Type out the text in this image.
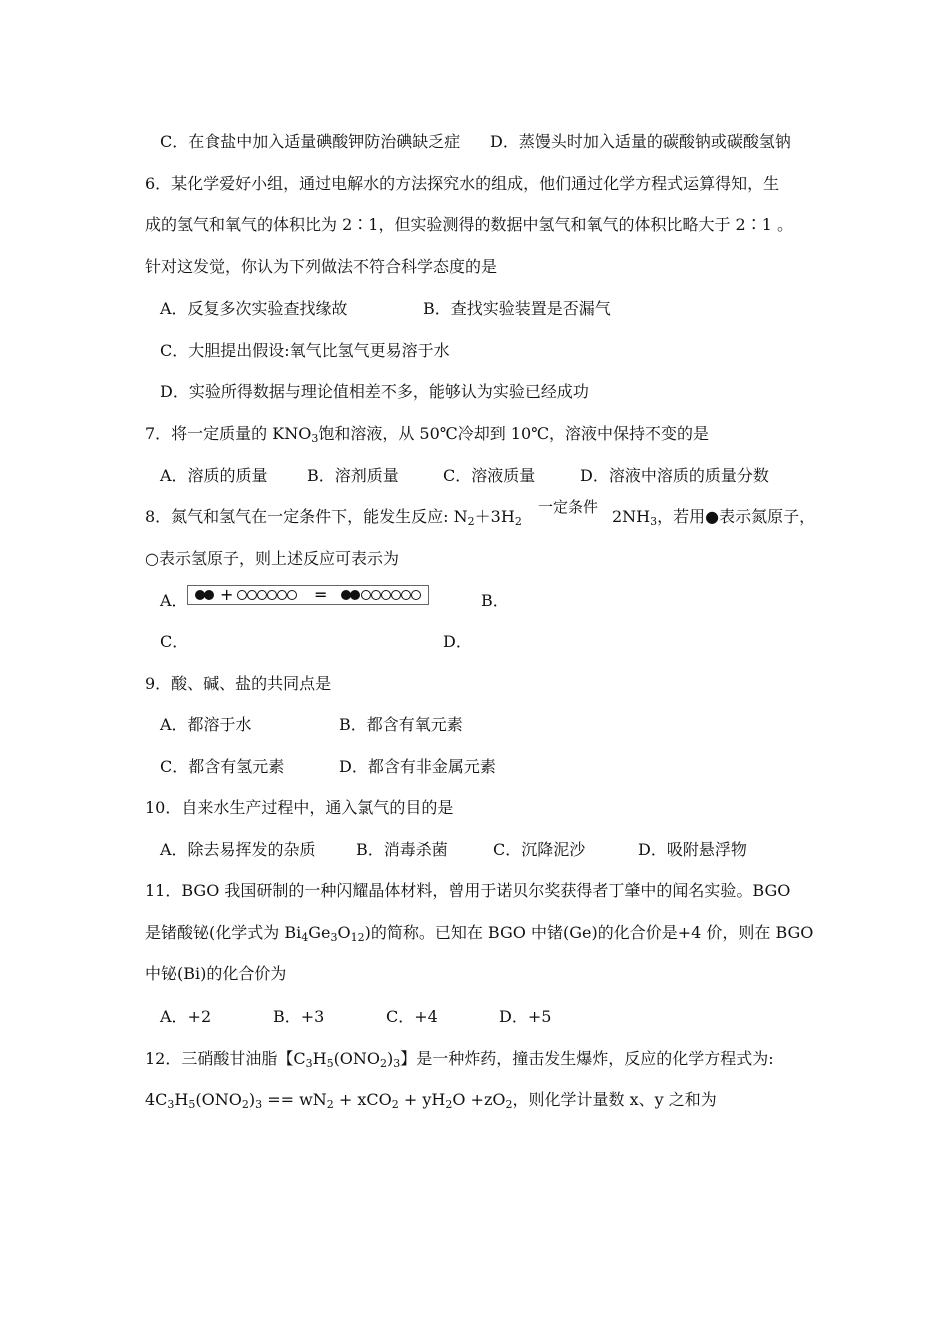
C．在食盐中加入适量碘酸钾防治碘缺乏症 D．蒸馒头时加入适量的碳酸钠或碳酸氢钠
6．某化学爱好小组，通过电解水的方法探究水的组成，他们通过化学方程式运算得知，生
成的氢气和氧气的体积比为 2∶1，但实验测得的数据中氢气和氧气的体积比略大于 2∶1 。
针对这发觉，你认为下列做法不符合科学态度的是
A．反复多次实验查找缘故	B．查找实验装置是否漏气
C．大胆提出假设:氧气比氢气更易溶于水
D．实验所得数据与理论值相差不多，能够认为实验已经成功
7．将一定质量的 $KNO_3$饱和溶液，从 50℃冷却到 10℃，溶液中保持不变的是
A．溶质的质量 B．溶剂质量	C．溶液质量	D．溶液中溶质的质量分数
8．氮气和氢气在一定条件下，能发生反应: $N_2+3H_2$
一定条件 $2NH_3$，若用●表示氮原子，
○表示氢原子，则上述反应可表示为
A． +	=	B．
C．	D．
9．酸、碱、盐的共同点是
A．都溶于水	B．都含有氧元素
C．都含有氢元素	D．都含有非金属元素
10．自来水生产过程中，通入氯气的目的是
A．除去易挥发的杂质	B．消毒杀菌	C．沉降泥沙	D．吸附悬浮物
11．BGO 我国研制的一种闪耀晶体材料，曾用于诺贝尔奖获得者丁肇中的闻名实验。BGO
是锗酸铋(化学式为 $Bi_4Ge_3O_{12}$)的简称。已知在 BGO 中锗(Ge)的化合价是+4 价，则在 BGO
中铋(Bi)的化合价为
A．+2	B．+3	C．+4	D．+5
12．三硝酸甘油脂【$C_3H_5(ONO_2)_3$】是一种炸药，撞击发生爆炸，反应的化学方程式为:
$4C_3H_5(ONO_2)_3 == wN_2 + xCO_2 + yH_2O +zO_2$，则化学计量数 x、y 之和为
